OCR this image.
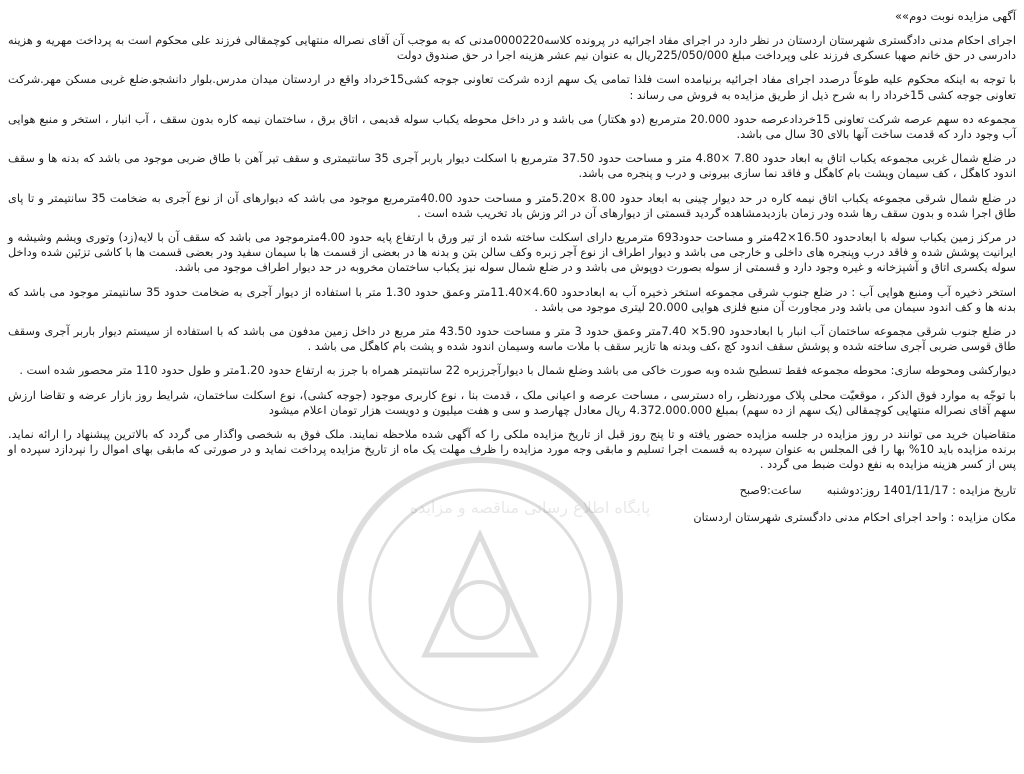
پایگاه اطلاع رسانی مناقصه و مزایده
آگهی مزایده نوبت دوم»»

اجرای احکام مدنی دادگستری شهرستان اردستان در نظر دارد در اجرای مفاد اجرائیه در پرونده کلاسه0000220مدنی که به موجب آن آقای نصراله منتهایی کوچمقالی فرزند علی محکوم است به پرداخت مهریه و هزینه دادرسی در حق خانم صهبا عسکری فرزند علی وپرداخت مبلغ 225/050/000ریال به عنوان نیم عشر هزینه اجرا در حق صندوق دولت

با توجه به اینکه محکوم علیه طوعاً درصدد اجرای مفاد اجرائیه برنیامده است فلذا تمامی یک سهم ازده شرکت تعاونی جوجه کشی15خرداد واقع در اردستان میدان مدرس.بلوار دانشجو.ضلع غربی مسکن مهر.شرکت تعاونی جوجه کشی 15خرداد را به شرح ذیل از طریق مزایده به فروش می رساند :

مجموعه ده سهم عرصه شرکت تعاونی 15خردادعرصه حدود 20.000 مترمربع (دو هکتار) می باشد و در داخل محوطه یکباب سوله قدیمی ، اتاق برق ، ساختمان نیمه کاره بدون سقف ، آب انبار ، استخر و منبع هوایی آب وجود دارد که قدمت ساخت آنها بالای 30 سال می باشد.

در ضلع شمال غربی مجموعه یکباب اتاق به ابعاد حدود 7.80 ×4.80 متر و مساحت حدود 37.50 مترمربع با اسکلت دیوار باربر آجری 35 سانتیمتری و سقف تیر آهن با طاق ضربی موجود می باشد که بدنه ها و سقف اندود کاهگل ، کف سیمان ویشت بام کاهگل و فاقد نما سازی بیرونی و درب و پنجره می باشد.

در ضلع شمال شرقی مجموعه یکباب اتاق نیمه کاره در حد دیوار چینی به ابعاد حدود 8.00 ×5.20متر و مساحت حدود 40.00مترمربع موجود می باشد که دیوارهای آن از نوع آجری به ضخامت 35 سانتیمتر و تا پای طاق اجرا شده و بدون سقف رها شده ودر زمان بازدیدمشاهده گردید قسمتی از دیوارهای آن در اثر وزش باد تخریب شده است .

در مرکز زمین یکباب سوله با ابعادحدود 16.50×42متر و مساحت حدود693 مترمربع دارای اسکلت ساخته شده از تیر ورق با ارتفاع پایه حدود 4.00مترموجود می باشد که سقف آن با لایه(زد) وتوری ویشم وشیشه و ایرانیت پوشش شده و فاقد درب وپنجره های داخلی و خارجی می باشد و دیوار اطراف از نوع آجر زبره وکف سالن بتن و بدنه ها در بعضی از قسمت ها با سیمان سفید ودر بعضی قسمت ها با کاشی تزئین شده وداخل سوله یکسری اتاق و آشپزخانه و غیره وجود دارد و قسمتی از سوله بصورت دوپوش می باشد و در ضلع شمال سوله نیز یکباب ساختمان مخروبه در حد دیوار اطراف موجود می باشد.

استخر ذخیره آب ومنبع هوایی آب : در ضلع جنوب شرقی مجموعه استخر ذخیره آب به ابعادحدود 4.60×11.40متر وعمق حدود 1.30 متر با استفاده از دیوار آجری به ضخامت حدود 35 سانتیمتر موجود می باشد که بدنه ها و کف اندود سیمان می باشد ودر مجاورت آن منبع فلزی هوایی 20.000 لیتری موجود می باشد .

در ضلع جنوب شرقی مجموعه ساختمان آب انبار با ابعادحدود 5.90× 7.40متر وعمق حدود 3 متر و مساحت حدود 43.50 متر مربع در داخل زمین مدفون می باشد که با استفاده از سیستم دیوار باربر آجری وسقف طاق قوسی ضربی آجری ساخته شده و پوشش سقف اندود کچ ،کف وبدنه ها تازیر سقف با ملات ماسه وسیمان اندود شده و پشت بام کاهگل می باشد .

دیوارکشی ومحوطه سازی: محوطه مجموعه فقط تسطیح شده وبه صورت خاکی می باشد وضلع شمال با دیوارآجرزبره 22 سانتیمتر همراه با جرز به ارتفاع حدود 1.20متر و طول حدود 110 متر محصور شده است .

با توجّه به موارد فوق الذکر ، موقعیّت محلی پلاک موردنظر، راه دسترسی ، مساحت عرصه و اعیانی ملک ، قدمت بنا ، نوع کاربری موجود (جوجه کشی)، نوع اسکلت ساختمان، شرایط روز بازار عرضه و تقاضا ارزش سهم آقای نصراله منتهایی کوچمقالی (یک سهم از ده سهم) بمبلغ 4.372.000.000 ریال معادل چهارصد و سی و هفت میلیون و دویست هزار تومان اعلام میشود

متقاضیان خرید می توانند در روز مزایده در جلسه مزایده حضور یافته و تا پنج روز قبل از تاریخ مزایده ملکی را که آگهی شده ملاحظه نمایند. ملک فوق به شخصی واگذار می گردد که بالاترین پیشنهاد را ارائه نماید. برنده مزایده باید 10% بها را فی المجلس به عنوان سپرده به قسمت اجرا تسلیم و مابقی وجه مورد مزایده را ظرف مهلت یک ماه از تاریخ مزایده پرداخت نماید و در صورتی که مابقی بهای اموال را نپردازد سپرده او پس از کسر هزینه مزایده به نفع دولت ضبط می گردد .

تاریخ مزایده : 1401/11/17 روز:دوشنبه  ساعت:9صبح
مکان مزایده : واحد اجرای احکام مدنی دادگستری شهرستان اردستان
